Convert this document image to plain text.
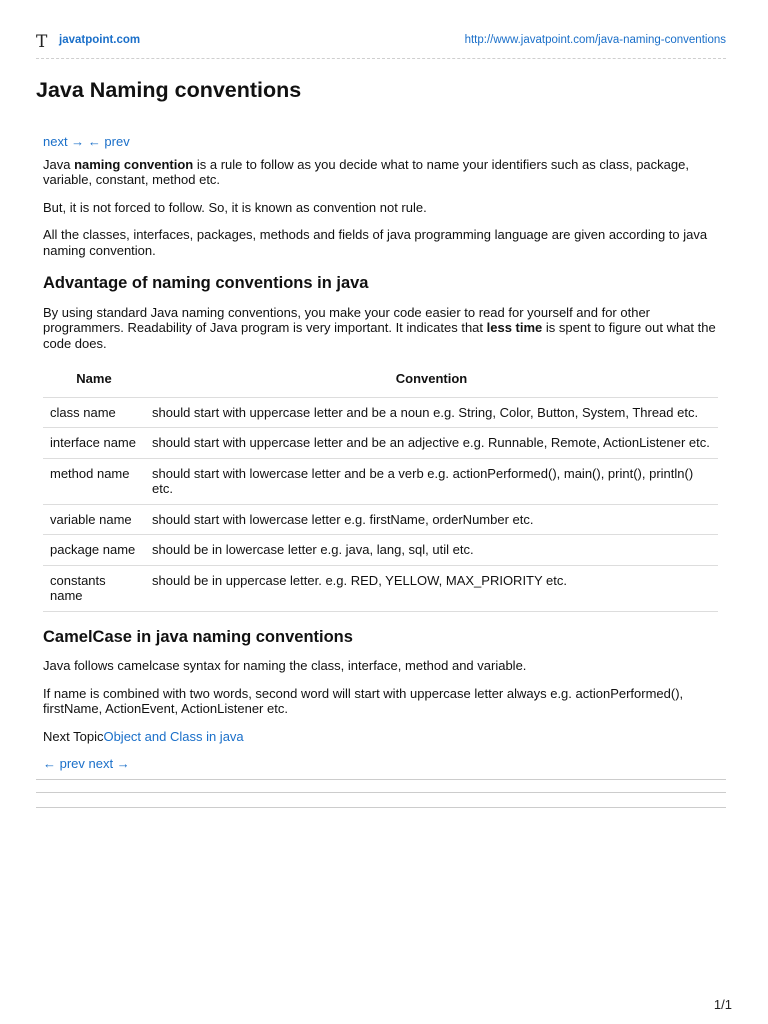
T javatpoint.com	http://www.javatpoint.com/java-naming-conventions
Java Naming conventions
next → ← prev

Java naming convention is a rule to follow as you decide what to name your identifiers such as class, package, variable, constant, method etc.

But, it is not forced to follow. So, it is known as convention not rule.

All the classes, interfaces, packages, methods and fields of java programming language are given according to java naming convention.

Advantage of naming conventions in java

By using standard Java naming conventions, you make your code easier to read for yourself and for other programmers. Readability of Java program is very important. It indicates that less time is spent to figure out what the code does.

Name	Convention
class name	should start with uppercase letter and be a noun e.g. String, Color, Button, System, Thread etc.
interface name	should start with uppercase letter and be an adjective e.g. Runnable, Remote, ActionListener etc.
method name	should start with lowercase letter and be a verb e.g. actionPerformed(), main(), print(), println() etc.
variable name	should start with lowercase letter e.g. firstName, orderNumber etc.
package name	should be in lowercase letter e.g. java, lang, sql, util etc.
constants name	should be in uppercase letter. e.g. RED, YELLOW, MAX_PRIORITY etc.
CamelCase in java naming conventions

Java follows camelcase syntax for naming the class, interface, method and variable.

If name is combined with two words, second word will start with uppercase letter always e.g. actionPerformed(), firstName, ActionEvent, ActionListener etc.

Next TopicObject and Class in java

← prev next →
1/1
